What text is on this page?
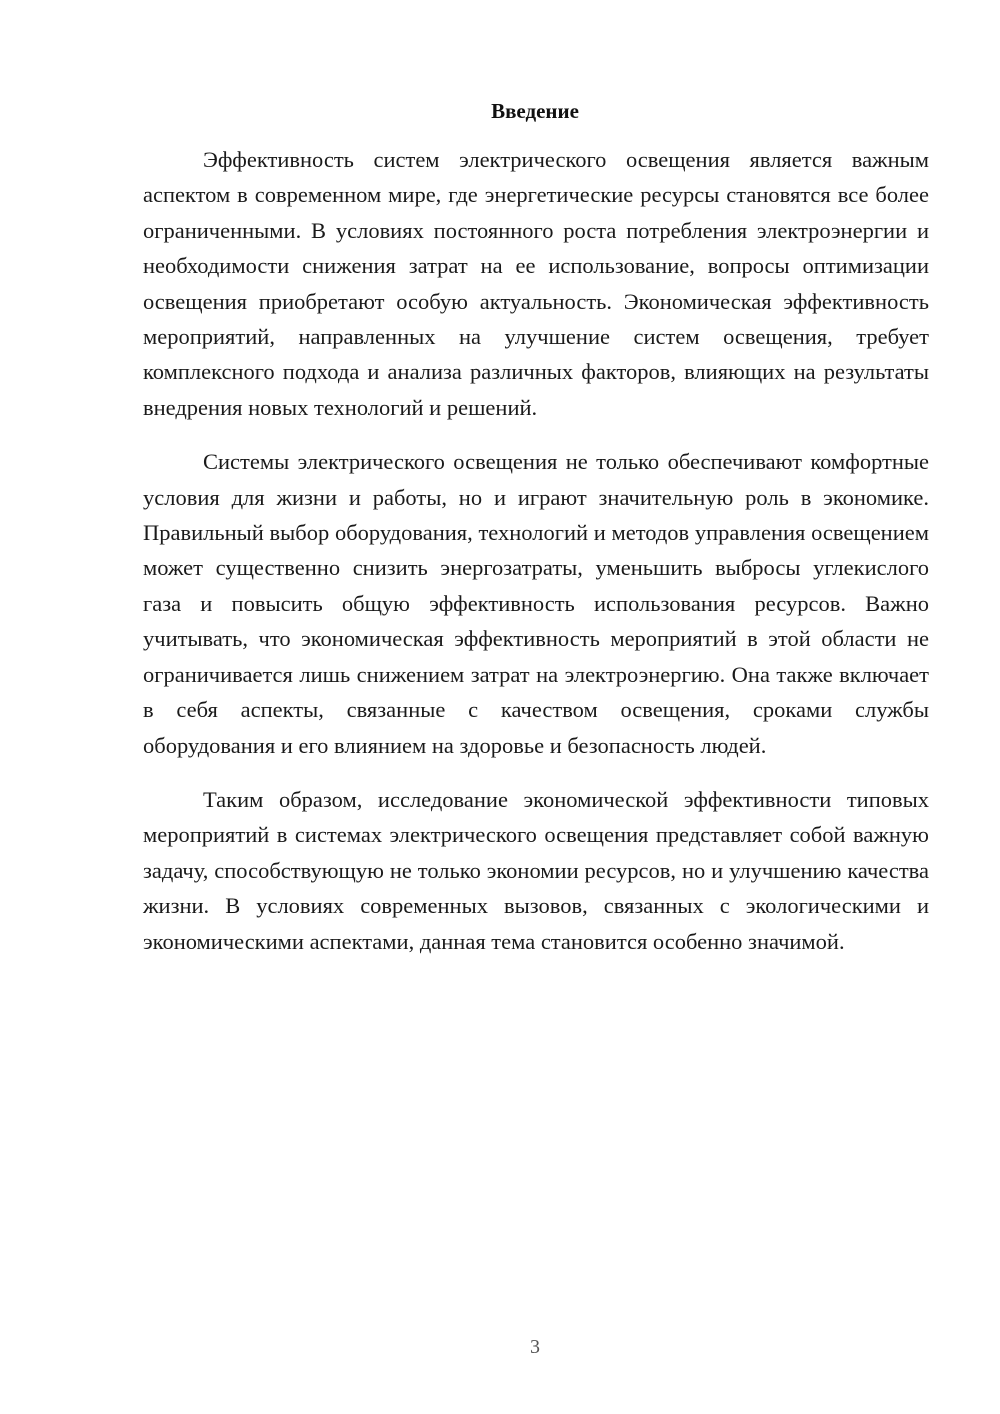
Введение

Эффективность систем электрического освещения является важным аспектом в современном мире, где энергетические ресурсы становятся все более ограниченными. В условиях постоянного роста потребления электроэнергии и необходимости снижения затрат на ее использование, вопросы оптимизации освещения приобретают особую актуальность. Экономическая эффективность мероприятий, направленных на улучшение систем освещения, требует комплексного подхода и анализа различных факторов, влияющих на результаты внедрения новых технологий и решений.

Системы электрического освещения не только обеспечивают комфортные условия для жизни и работы, но и играют значительную роль в экономике. Правильный выбор оборудования, технологий и методов управления освещением может существенно снизить энергозатраты, уменьшить выбросы углекислого газа и повысить общую эффективность использования ресурсов. Важно учитывать, что экономическая эффективность мероприятий в этой области не ограничивается лишь снижением затрат на электроэнергию. Она также включает в себя аспекты, связанные с качеством освещения, сроками службы оборудования и его влиянием на здоровье и безопасность людей.

Таким образом, исследование экономической эффективности типовых мероприятий в системах электрического освещения представляет собой важную задачу, способствующую не только экономии ресурсов, но и улучшению качества жизни. В условиях современных вызовов, связанных с экологическими и экономическими аспектами, данная тема становится особенно значимой.

3
